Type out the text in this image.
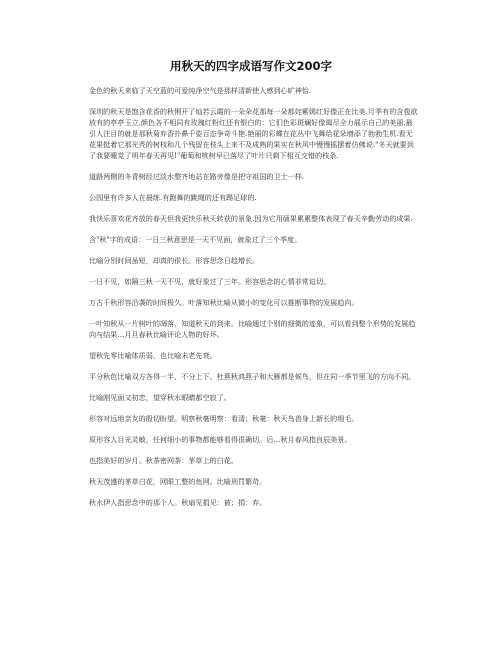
用秋天的四字成语写作文200字

金色的秋天来临了天空蓝的可爱纯净空气是那样清新使人感到心旷神怡.

深圳的秋天是饱含花香的秋俐开了灿若云霞的一朵朵花那每一朵都姹紫嫣红好像正在比美.月季有的含苞欲放有的亭亭玉立.颜色各不相同有玫瑰红粉红还有银白的：它们色彩斑斓好像竭尽全力展示自己的美丽.最引人注目的就是那秋菊弃香扑鼻千姿百态争奇斗艳.艳丽的彩蝶在花丛中飞舞给花朵增添了勃勃生机.看无花果挺着它那光秃的树杈和几个残留在枝头上来不及成熟的果实在秋风中慢慢摇摆着仿佛说:"冬天就要到了我要睡觉了明年春天再见!"葡萄和桃树早已落尽了叶片只剩下相互交错的枝条.

道路两侧的冬青树经过淡水整齐地站在路旁像是把守祖国的卫士一样.

公园里有许多人在晨练.有跑舞的跳绳的还有踢足球的.

我快乐喜欢花齐放的春天但我更快乐秋天转获的景象.因为它用硕果累累整体表现了春天辛勤劳动的成果.

含"秋"字的成语：一日三秋意思是一天不见面，就象过了三个季度。

比喻分别时间虽短，却真的很长。形容思念日趋增长。

一日不见，如隔三秋一天不见，就好象过了三年。形容思念的心情非常迫切。

万古千秋形容沿袭的时间极久。叶落知秋比喻从微小的变化可以推断事物的发展趋向。

一叶知秋从一片树叶的凋落，知道秋天的到来。比喻通过个别的细微的迹象，可以看到整个形势的发展趋向与结果…月旦春秋比喻评论人物的好坏。

望秋先零比喻体质弱，也比喻未老先衰。

平分秋色比喻双方各得一半，不分上下。杜燕秋鸿燕子和大雁都是候鸟，但在同一季节里飞的方向不同。

比喻刚见面又初恋，望穿秋水眼睛都空寂了。

形容对远地亲友的殷切盼望。明察秋毫明察：看清；秋毫：秋天鸟兽身上新长的细毛。

原形容人目光灵敏，任何细小的事物都能够看得很确切。后…秋月春风指良辰美景。

也指美好的岁月。秋荼密网荼：茅草上的白花。

秋天茂盛的茅草白花，网眼工整的鱼网。比喻刑罚繁苛。

秋水伊人指思念中的那个人。秋扇见捐见：被；捐：弃。
